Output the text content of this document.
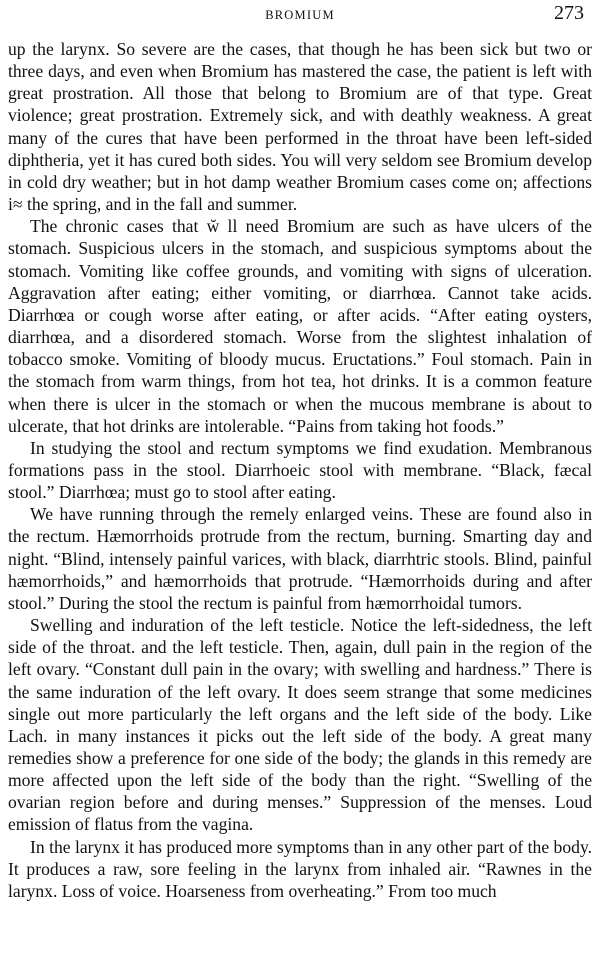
BROMIUM	273

up the larynx. So severe are the cases, that though he has been sick but two or three days, and even when Bromium has mastered the case, the patient is left with great prostration. All those that belong to Bromium are of that type. Great violence; great prostration. Extremely sick, and with deathly weakness. A great many of the cures that have been performed in the throat have been left-sided diphtheria, yet it has cured both sides. You will very seldom see Bromium develop in cold dry weather; but in hot damp weather Bromium cases come on; affections i≈ the spring, and in the fall and summer.

The chronic cases that w̆ ll need Bromium are such as have ulcers of the stomach. Suspicious ulcers in the stomach, and suspicious symptoms about the stomach. Vomiting like coffee grounds, and vomiting with signs of ulceration. Aggravation after eating; either vomiting, or diarrhœa. Cannot take acids. Diarrhœa or cough worse after eating, or after acids. “After eating oysters, diarrhœa, and a disordered stomach. Worse from the slightest inhalation of tobacco smoke. Vomiting of bloody mucus. Eructations.” Foul stomach. Pain in the stomach from warm things, from hot tea, hot drinks. It is a common feature when there is ulcer in the stomach or when the mucous membrane is about to ulcerate, that hot drinks are intolerable. “Pains from taking hot foods.”

In studying the stool and rectum symptoms we find exudation. Membranous formations pass in the stool. Diarrhoeic stool with membrane. “Black, fæcal stool.” Diarrhœa; must go to stool after eating.

We have running through the remely enlarged veins. These are found also in the rectum. Hæmorrhoids protrude from the rectum, burning. Smarting day and night. “Blind, intensely painful varices, with black, diarrhtric stools. Blind, painful hæmorrhoids,” and hæmorrhoids that protrude. “Hæmorrhoids during and after stool.” During the stool the rectum is painful from hæmorrhoidal tumors.

Swelling and induration of the left testicle. Notice the left-sidedness, the left side of the throat. and the left testicle. Then, again, dull pain in the region of the left ovary. “Constant dull pain in the ovary; with swelling and hardness.” There is the same induration of the left ovary. It does seem strange that some medicines single out more particularly the left organs and the left side of the body. Like Lach. in many instances it picks out the left side of the body. A great many remedies show a preference for one side of the body; the glands in this remedy are more affected upon the left side of the body than the right. “Swelling of the ovarian region before and during menses.” Suppression of the menses. Loud emission of flatus from the vagina.

In the larynx it has produced more symptoms than in any other part of the body. It produces a raw, sore feeling in the larynx from inhaled air. “Rawnes in the larynx. Loss of voice. Hoarseness from overheating.” From too much
